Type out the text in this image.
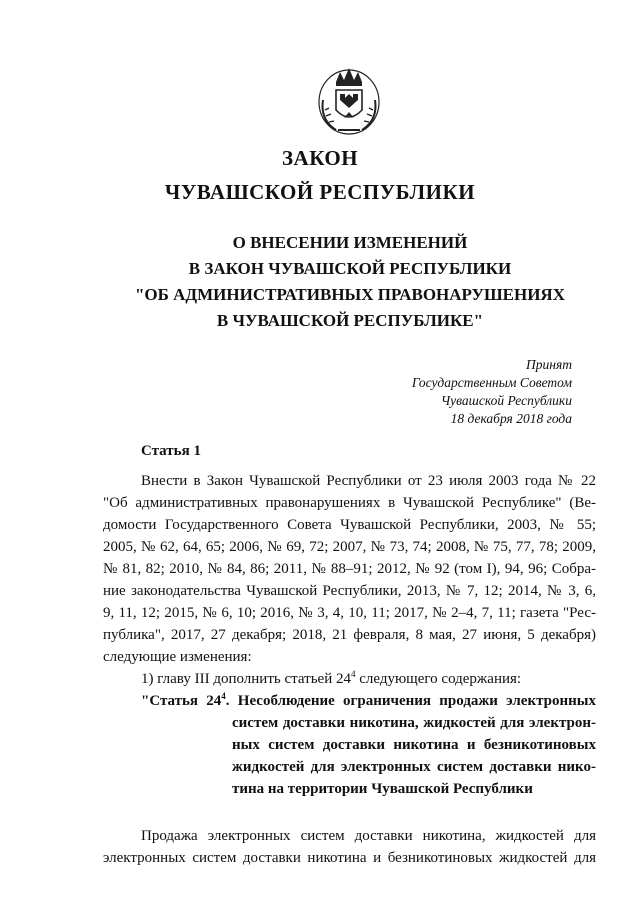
ЗАКОН
ЧУВАШСКОЙ РЕСПУБЛИКИ
О ВНЕСЕНИИ ИЗМЕНЕНИЙ
В ЗАКОН ЧУВАШСКОЙ РЕСПУБЛИКИ
"ОБ АДМИНИСТРАТИВНЫХ ПРАВОНАРУШЕНИЯХ
В ЧУВАШСКОЙ РЕСПУБЛИКЕ"
Принят
Государственным Советом
Чувашской Республики
18 декабря 2018 года
Статья 1
Внести в Закон Чувашской Республики от 23 июля 2003 года № 22
"Об административных правонарушениях в Чувашской Республике" (Ве-
домости Государственного Совета Чувашской Республики, 2003, № 55;
2005, № 62, 64, 65; 2006, № 69, 72; 2007, № 73, 74; 2008, № 75, 77, 78; 2009,
№ 81, 82; 2010, № 84, 86; 2011, № 88–91; 2012, № 92 (том I), 94, 96; Собра-
ние законодательства Чувашской Республики, 2013, № 7, 12; 2014, № 3, 6,
9, 11, 12; 2015, № 6, 10; 2016, № 3, 4, 10, 11; 2017, № 2–4, 7, 11; газета "Рес-
публика", 2017, 27 декабря; 2018, 21 февраля, 8 мая, 27 июня, 5 декабря)
следующие изменения:
1) главу III дополнить статьей $24^4$ следующего содержания:
"Статья $24^4$. Несоблюдение ограничения продажи электронных
систем доставки никотина, жидкостей для электрон-
ных систем доставки никотина и безникотиновых
жидкостей для электронных систем доставки нико-
тина на территории Чувашской Республики
Продажа электронных систем доставки никотина, жидкостей для
электронных систем доставки никотина и безникотиновых жидкостей для
